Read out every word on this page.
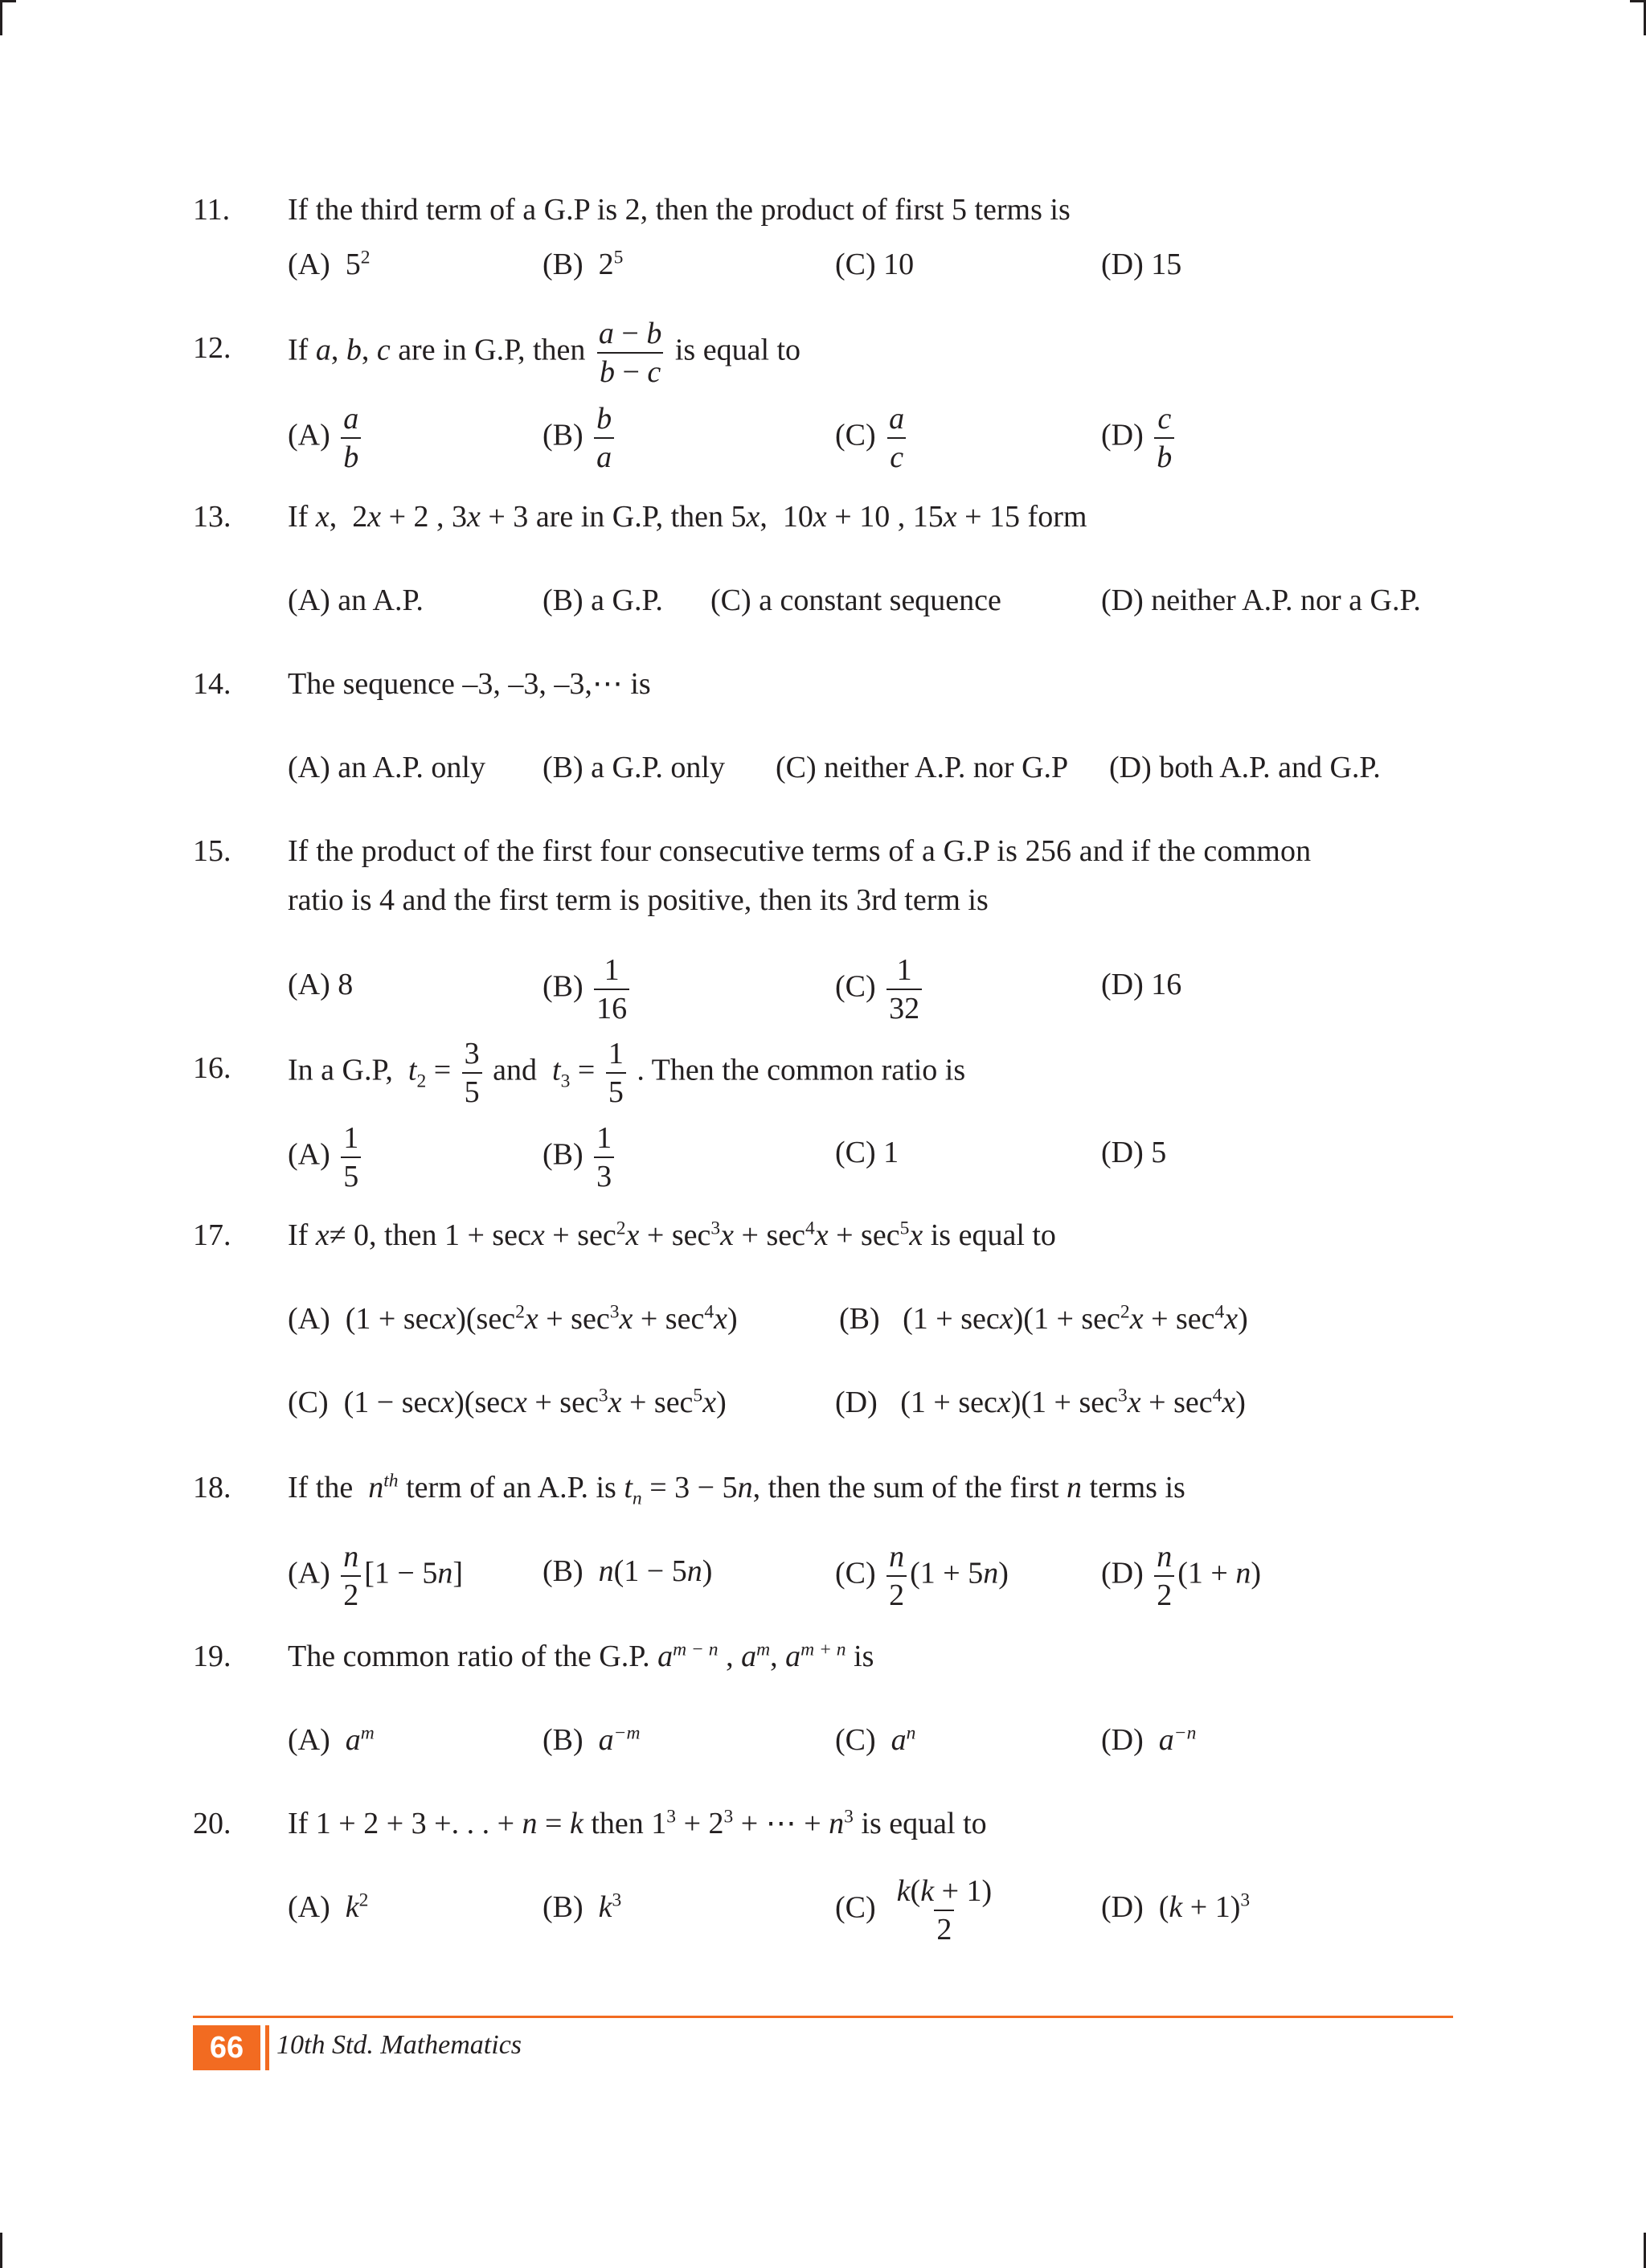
11. If the third term of a G.P is 2, then the product of first 5 terms is
(A)  $5^2$	(B)  $2^5$	(C) 10	(D) 15
12. If a, b, c are in G.P, then $\frac{a - b}{b - c}$ is equal to
$(A) \frac{a}{b}$	$(B) \frac{b}{a}$	$(C) \frac{a}{c}$	$(D) \frac{c}{b}$
13. If x,  2x + 2 , 3x + 3 are in G.P, then 5x,  10x + 10 , 15x + 15 form
(A) an A.P.	(B) a G.P. (C) a constant sequence	(D) neither A.P. nor a G.P.
14. The sequence –3, –3, –3,⋯ is
(A) an A.P. only (B) a G.P. only (C) neither A.P. nor G.P (D) both A.P. and G.P.
15. If the product of the first four consecutive terms of a G.P is 256 and if the common
ratio is 4 and the first term is positive, then its 3rd term is
(A) 8	$(B) \frac{1}{16}$	$(C) \frac{1}{32}$	(D) 16
16. In a G.P, $t_2 = \frac{3}{5}$ and $t_3 = \frac{1}{5}$ . Then the common ratio is
$(A) \frac{1}{5}$	$(B) \frac{1}{3}$	(C) 1	(D) 5
17. If x≠ 0, then $1 + \sec x + \sec^2x + \sec^3x + \sec^4x + \sec^5x$ is equal to
(A)  $(1 + \sec x)(\sec^2x + \sec^3x + \sec^4x)$	(B)   $(1 + \sec x)(1 + \sec^2x + \sec^4x)$
(C)  $(1 - \sec x)(\sec x + \sec^3x + \sec^5x)$	(D)   $(1 + \sec x)(1 + \sec^3x + \sec^4x)$
18. If the  $n^{th}$ term of an A.P. is $t_n = 3 - 5n$, then the sum of the first n terms is
$(A) \frac{n}{2} [1 - 5n]$	(B) n(1 − 5n)	$(C) \frac{n}{2} (1 + 5n)$	$(D) \frac{n}{2} (1 + n)$
19. The common ratio of the G.P. $a^{m - n}$ , $a^m$, $a^{m + n}$ is
(A) $a^m$	(B) $a^{-m}$	(C) $a^n$	(D) $a^{-n}$
20. If 1 + 2 + 3 +. . . + n = k then $1^3 + 2^3$ + ⋯ + $n^3$ is equal to
(A) $k^2$	(B) $k^3$	$(C) \frac{k(k + 1)}{2}$	(D)  $(k + 1)^3$
66	10th Std. Mathematics
